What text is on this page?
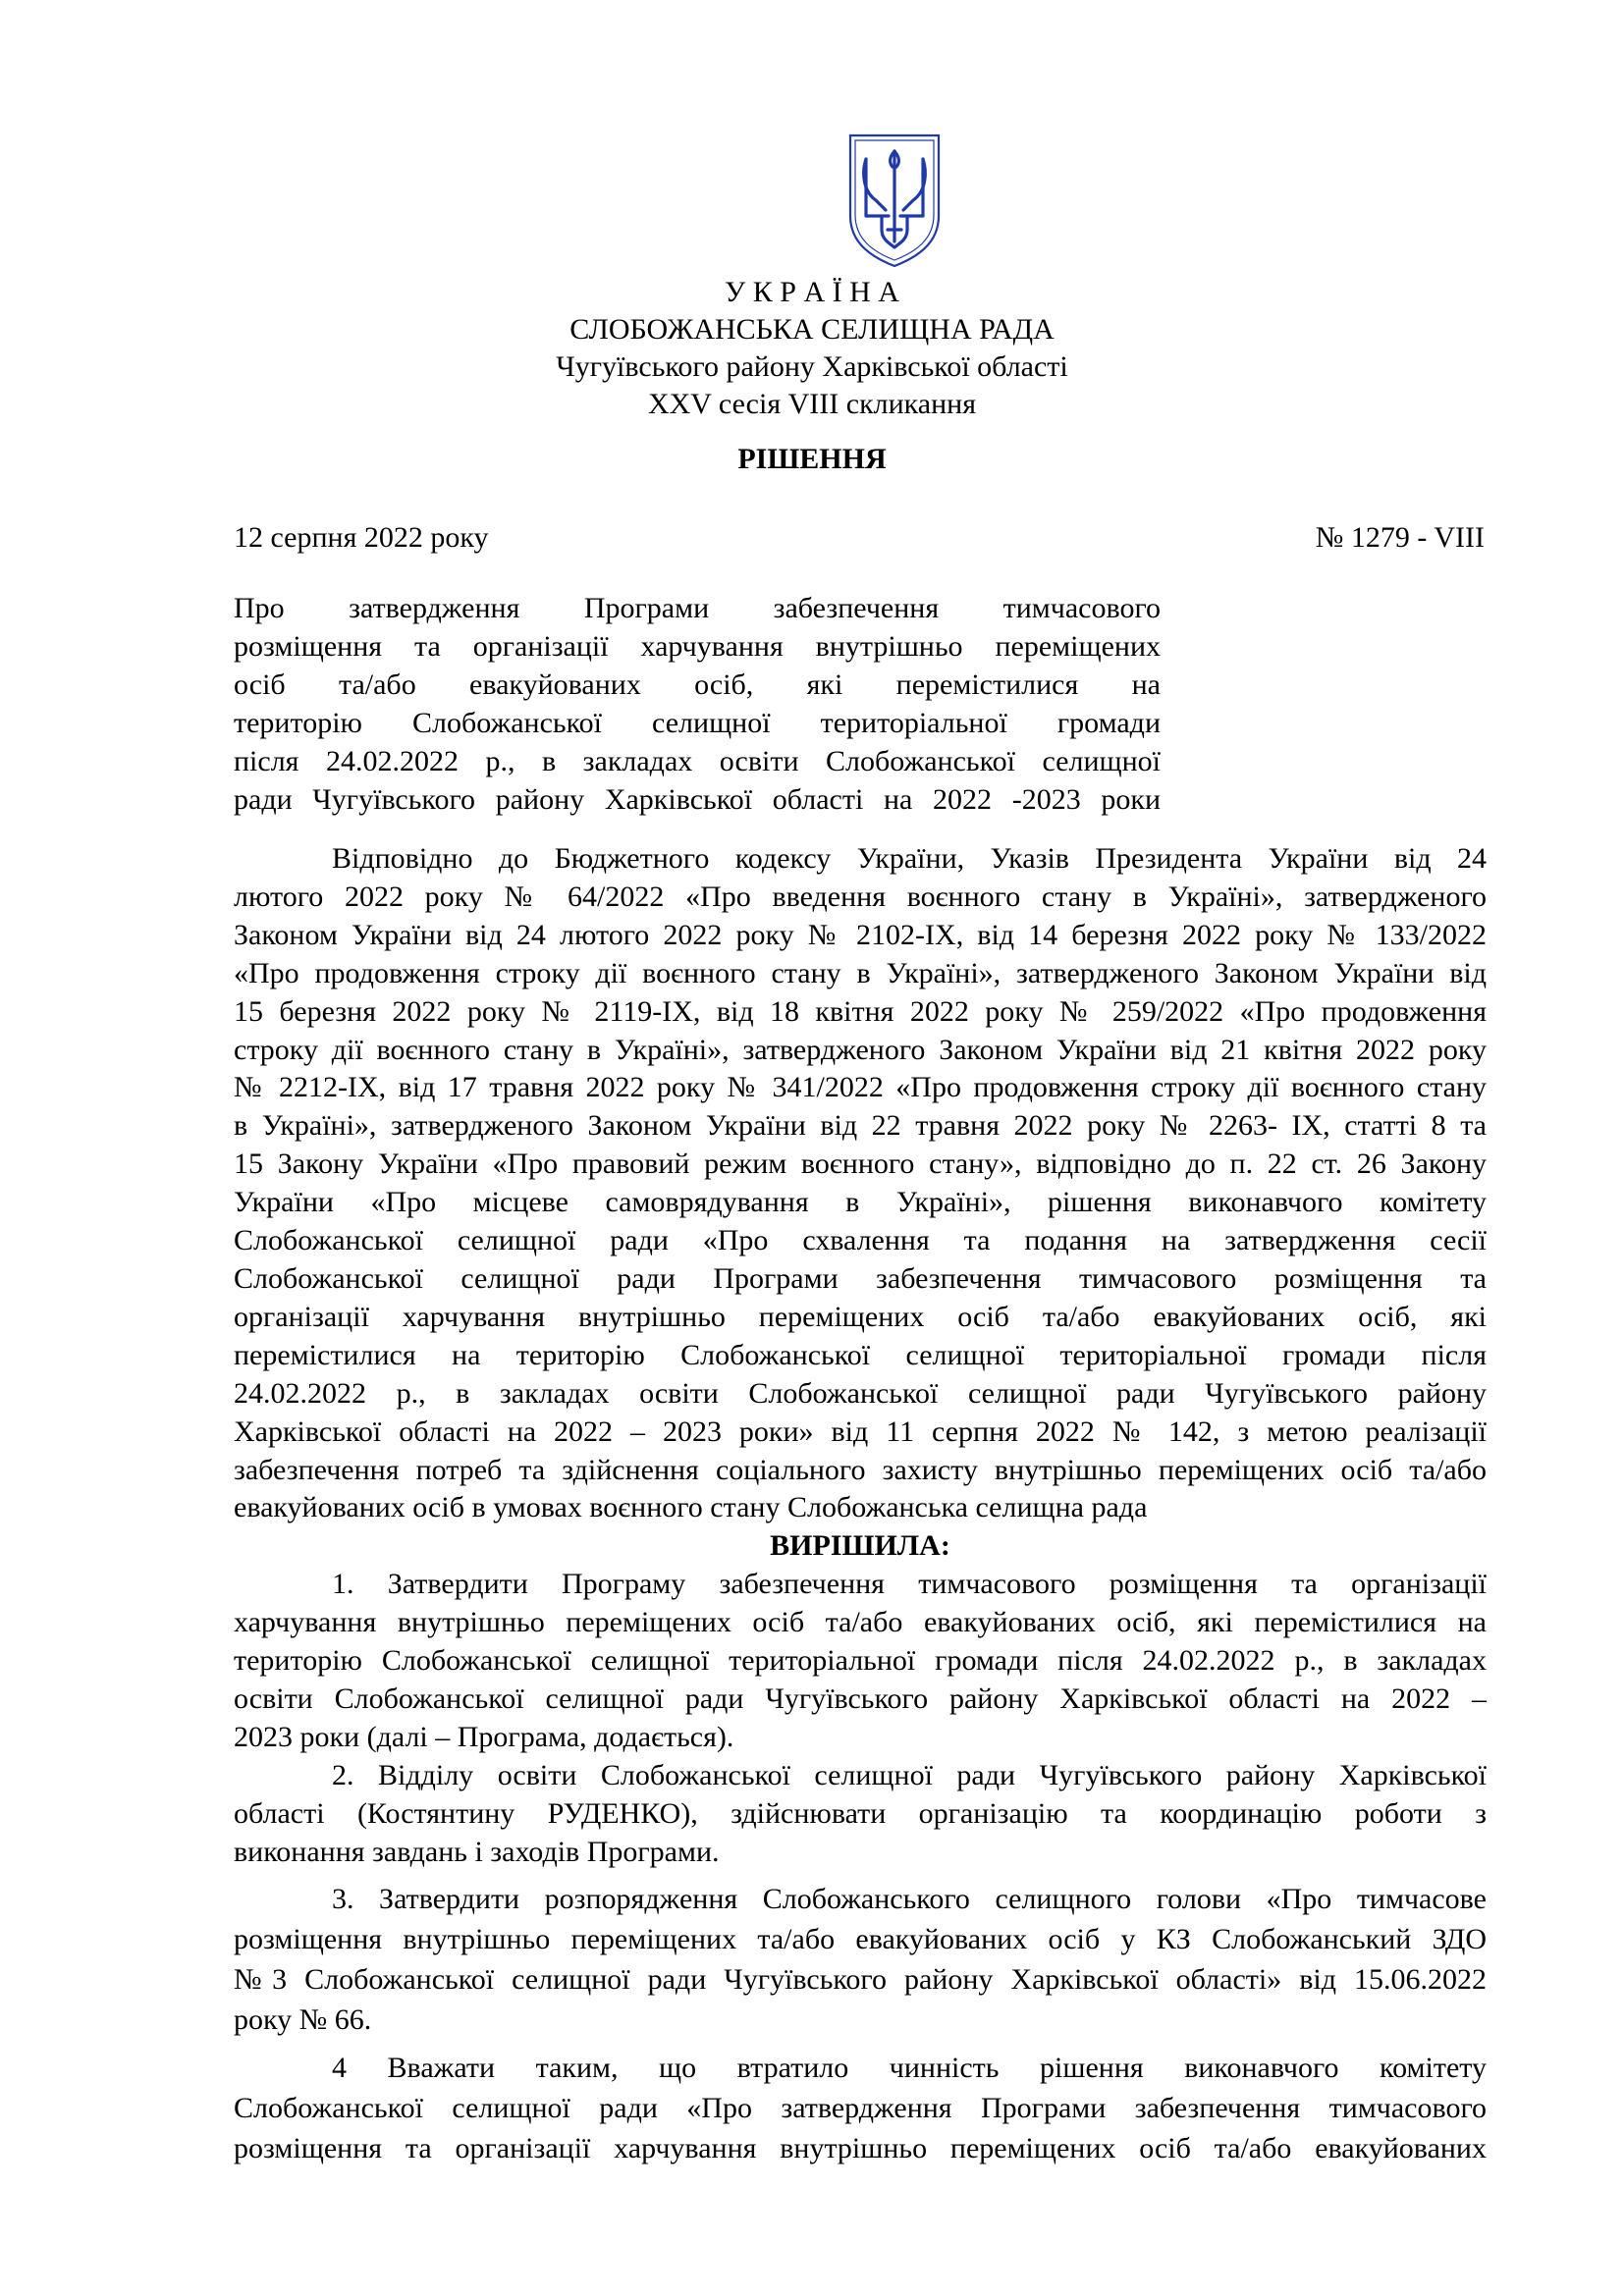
У К Р А Ї Н А
СЛОБОЖАНСЬКА СЕЛИЩНА РАДА
Чугуївського району Харківської області
XXV сесія VIII скликання
РІШЕННЯ
12 серпня 2022 року	№ 1279 - VIII
Про затвердження Програми забезпечення тимчасового
розміщення та організації харчування внутрішньо переміщених
осіб та/або евакуйованих осіб, які перемістилися на
територію Слобожанської селищної територіальної громади
після 24.02.2022 р., в закладах освіти Слобожанської селищної
ради Чугуївського району Харківської області на 2022 -2023 роки
Відповідно до Бюджетного кодексу України, Указів Президента України від 24
лютого 2022 року № 64/2022 «Про введення воєнного стану в Україні», затвердженого
Законом України від 24 лютого 2022 року № 2102-IX, від 14 березня 2022 року № 133/2022
«Про продовження строку дії воєнного стану в Україні», затвердженого Законом України від
15 березня 2022 року № 2119-IX, від 18 квітня 2022 року № 259/2022 «Про продовження
строку дії воєнного стану в Україні», затвердженого Законом України від 21 квітня 2022 року
№ 2212-IX, від 17 травня 2022 року № 341/2022 «Про продовження строку дії воєнного стану
в Україні», затвердженого Законом України від 22 травня 2022 року № 2263- IX, статті 8 та
15 Закону України «Про правовий режим воєнного стану», відповідно до п. 22 ст. 26 Закону
України «Про місцеве самоврядування в Україні», рішення виконавчого комітету
Слобожанської селищної ради «Про схвалення та подання на затвердження сесії
Слобожанської селищної ради Програми забезпечення тимчасового розміщення та
організації харчування внутрішньо переміщених осіб та/або евакуйованих осіб, які
перемістилися на територію Слобожанської селищної територіальної громади після
24.02.2022 р., в закладах освіти Слобожанської селищної ради Чугуївського району
Харківської області на 2022 – 2023 роки» від 11 серпня 2022 № 142, з метою реалізації
забезпечення потреб та здійснення соціального захисту внутрішньо переміщених осіб та/або
евакуйованих осіб в умовах воєнного стану Слобожанська селищна рада
ВИРІШИЛА:
1. Затвердити Програму забезпечення тимчасового розміщення та організації
харчування внутрішньо переміщених осіб та/або евакуйованих осіб, які перемістилися на
територію Слобожанської селищної територіальної громади після 24.02.2022 р., в закладах
освіти Слобожанської селищної ради Чугуївського району Харківської області на 2022 –
2023 роки (далі – Програма, додається).
2. Відділу освіти Слобожанської селищної ради Чугуївського району Харківської
області (Костянтину РУДЕНКО), здійснювати організацію та координацію роботи з
виконання завдань і заходів Програми.
3. Затвердити розпорядження Слобожанського селищного голови «Про тимчасове
розміщення внутрішньо переміщених та/або евакуйованих осіб у КЗ Слобожанський ЗДО
№3 Слобожанської селищної ради Чугуївського району Харківської області» від 15.06.2022
року № 66.
4 Вважати таким, що втратило чинність рішення виконавчого комітету
Слобожанської селищної ради «Про затвердження Програми забезпечення тимчасового
розміщення та організації харчування внутрішньо переміщених осіб та/або евакуйованих
